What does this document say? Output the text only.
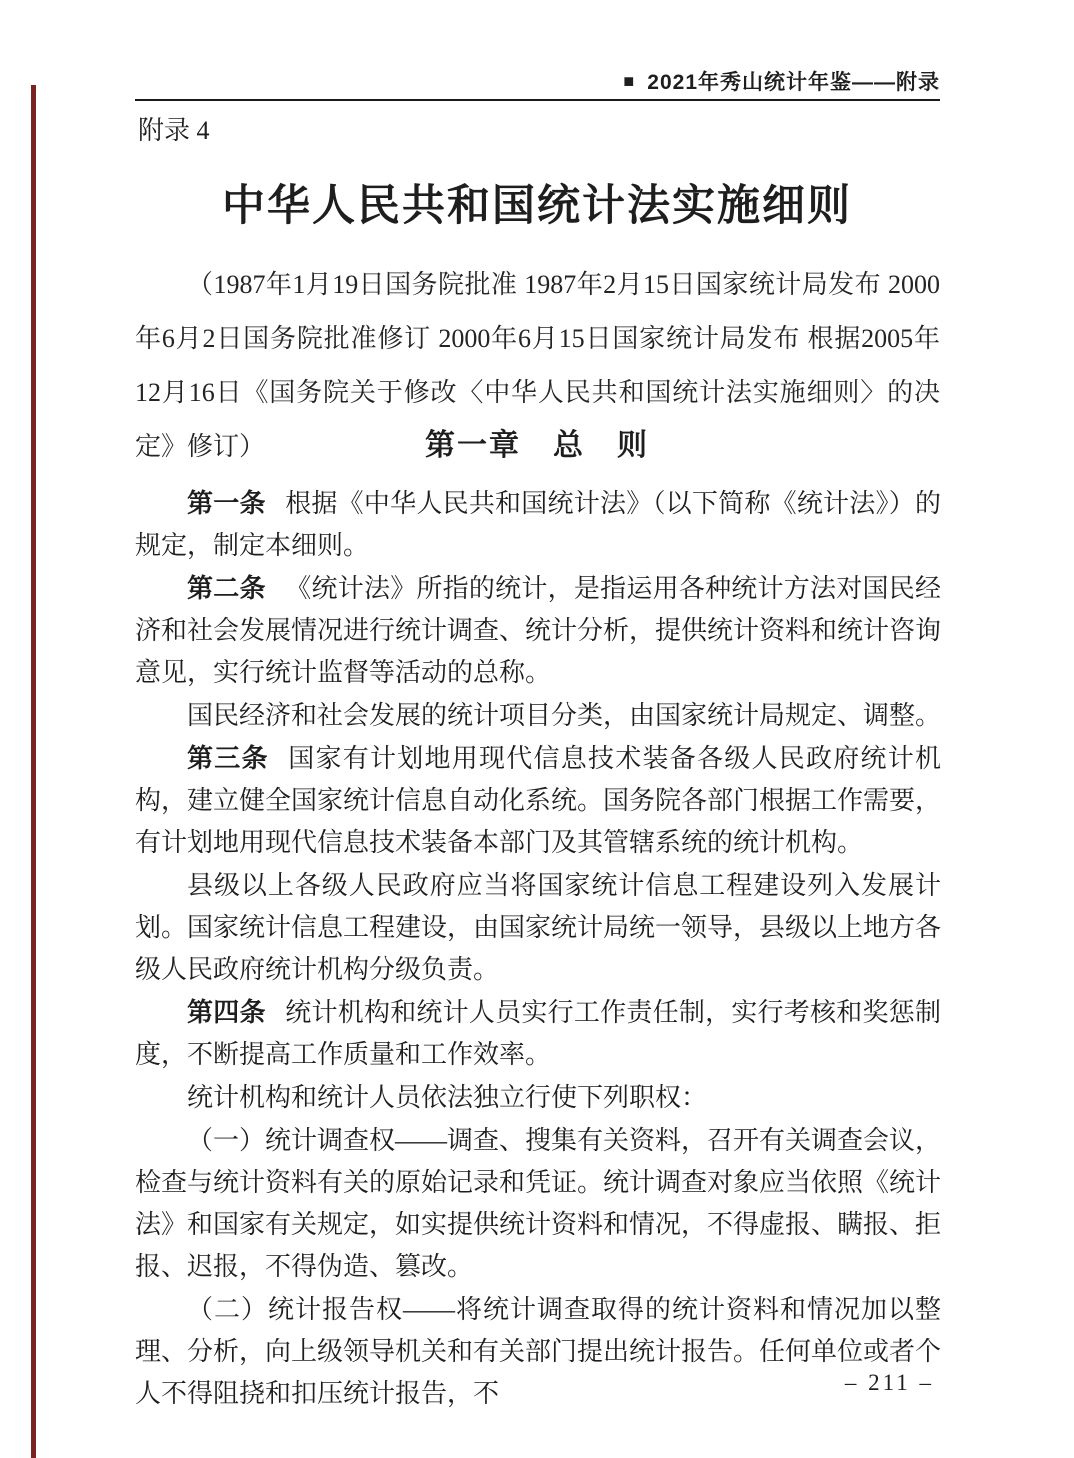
■ 2021年秀山统计年鉴——附录
附录 4
中华人民共和国统计法实施细则
（1987年1月19日国务院批准 1987年2月15日国家统计局发布 2000年6月2日国务院批准修订 2000年6月15日国家统计局发布 根据2005年12月16日《国务院关于修改〈中华人民共和国统计法实施细则〉的决定》修订）	第一章　总　则

第一条 根据《中华人民共和国统计法》（以下简称《统计法》）的规定，制定本细则。

第二条 《统计法》所指的统计，是指运用各种统计方法对国民经济和社会发展情况进行统计调查、统计分析，提供统计资料和统计咨询意见，实行统计监督等活动的总称。

国民经济和社会发展的统计项目分类，由国家统计局规定、调整。

第三条 国家有计划地用现代信息技术装备各级人民政府统计机构，建立健全国家统计信息自动化系统。国务院各部门根据工作需要，有计划地用现代信息技术装备本部门及其管辖系统的统计机构。

县级以上各级人民政府应当将国家统计信息工程建设列入发展计划。国家统计信息工程建设，由国家统计局统一领导，县级以上地方各级人民政府统计机构分级负责。

第四条 统计机构和统计人员实行工作责任制，实行考核和奖惩制度，不断提高工作质量和工作效率。

统计机构和统计人员依法独立行使下列职权：

（一）统计调查权——调查、搜集有关资料，召开有关调查会议，检查与统计资料有关的原始记录和凭证。统计调查对象应当依照《统计法》和国家有关规定，如实提供统计资料和情况，不得虚报、瞒报、拒报、迟报，不得伪造、篡改。

（二）统计报告权——将统计调查取得的统计资料和情况加以整理、分析，向上级领导机关和有关部门提出统计报告。任何单位或者个人不得阻挠和扣压统计报告，不	– 211 –
